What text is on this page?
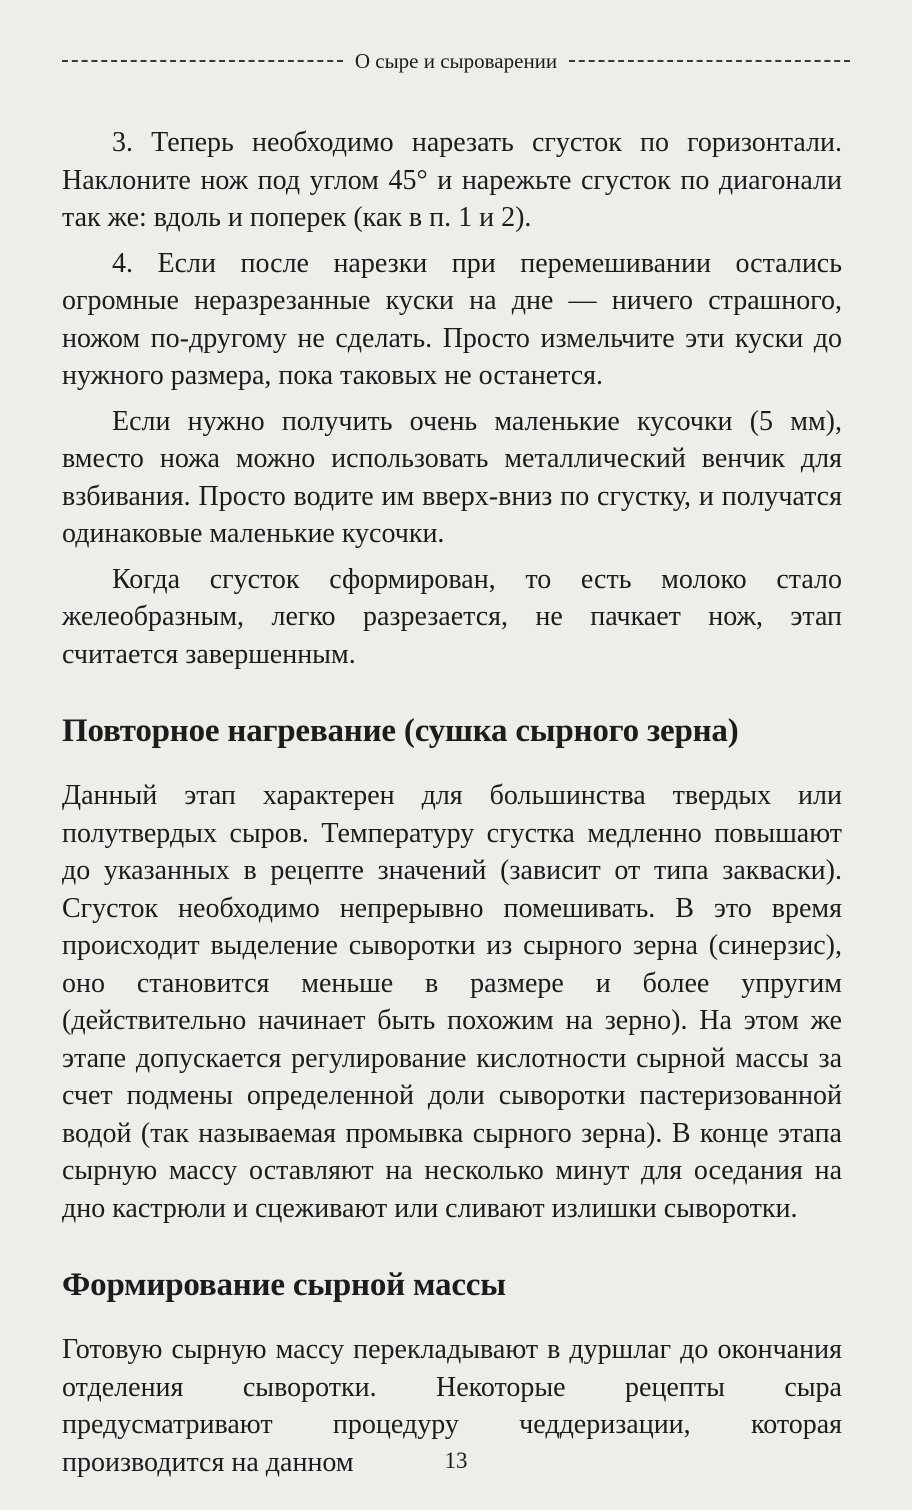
О сыре и сыроварении

3. Теперь необходимо нарезать сгусток по горизонтали. Наклоните нож под углом 45° и нарежьте сгусток по диагонали так же: вдоль и поперек (как в п. 1 и 2).

4. Если после нарезки при перемешивании остались огромные неразрезанные куски на дне — ничего страшного, ножом по-другому не сделать. Просто измельчите эти куски до нужного размера, пока таковых не останется.

Если нужно получить очень маленькие кусочки (5 мм), вместо ножа можно использовать металлический венчик для взбивания. Просто водите им вверх-вниз по сгустку, и получатся одинаковые маленькие кусочки.

Когда сгусток сформирован, то есть молоко стало желеобразным, легко разрезается, не пачкает нож, этап считается завершенным.

Повторное нагревание (сушка сырного зерна)

Данный этап характерен для большинства твердых или полутвердых сыров. Температуру сгустка медленно повышают до указанных в рецепте значений (зависит от типа закваски). Сгусток необходимо непрерывно помешивать. В это время происходит выделение сыворотки из сырного зерна (синерзис), оно становится меньше в размере и более упругим (действительно начинает быть похожим на зерно). На этом же этапе допускается регулирование кислотности сырной массы за счет подмены определенной доли сыворотки пастеризованной водой (так называемая промывка сырного зерна). В конце этапа сырную массу оставляют на несколько минут для оседания на дно кастрюли и сцеживают или сливают излишки сыворотки.

Формирование сырной массы

Готовую сырную массу перекладывают в дуршлаг до окончания отделения сыворотки. Некоторые рецепты сыра предусматривают процедуру чеддеризации, которая производится на данном	13
